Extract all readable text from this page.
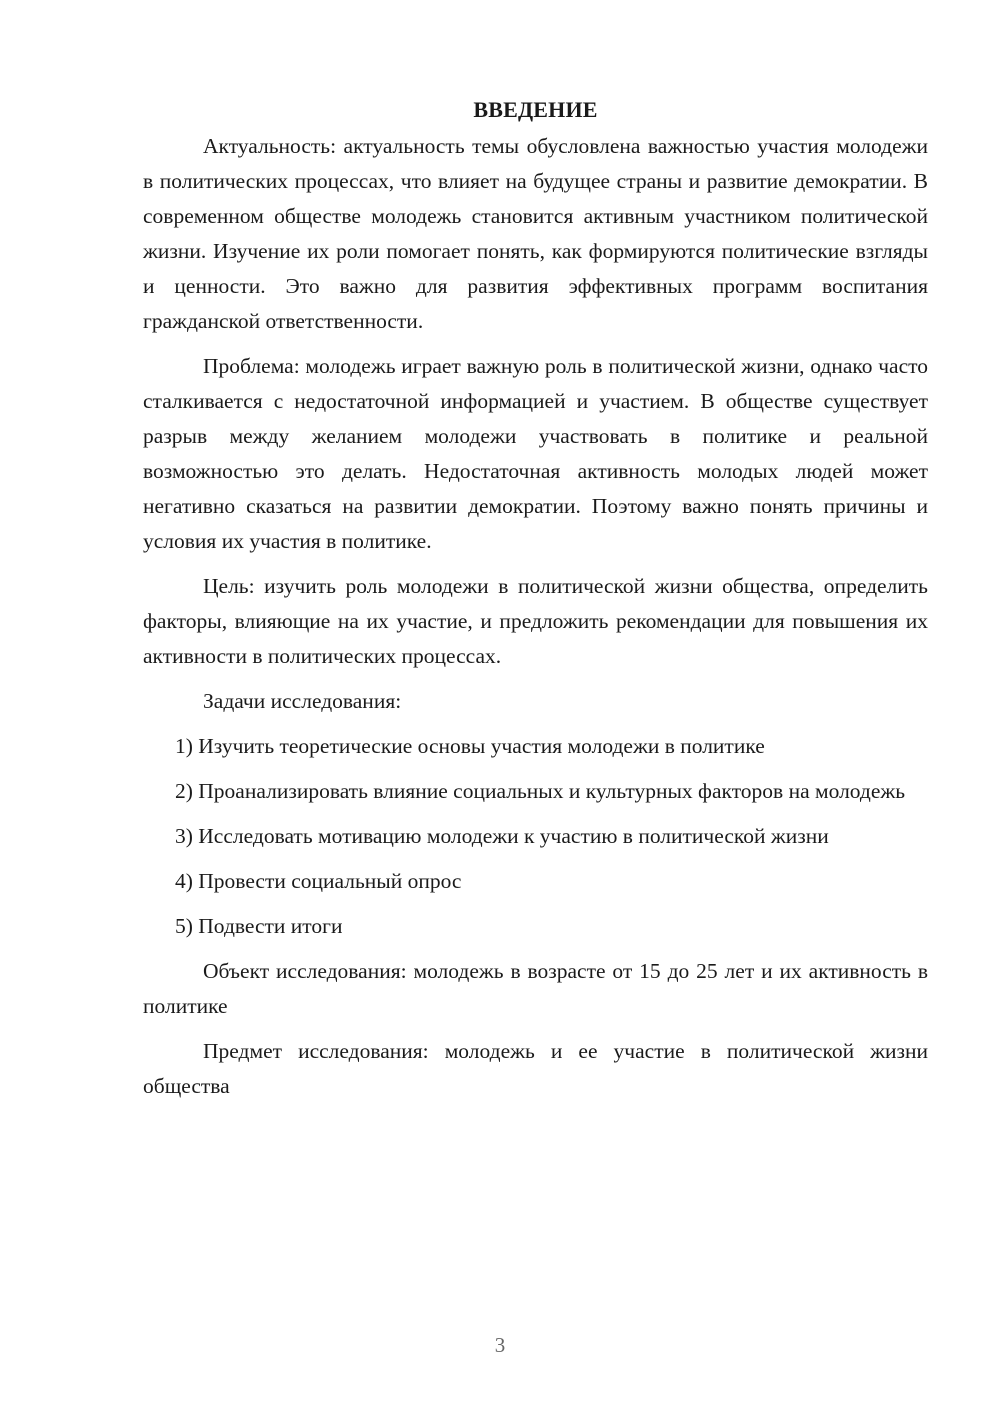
ВВЕДЕНИЕ

Актуальность: актуальность темы обусловлена важностью участия молодежи в политических процессах, что влияет на будущее страны и развитие демократии. В современном обществе молодежь становится активным участником политической жизни. Изучение их роли помогает понять, как формируются политические взгляды и ценности. Это важно для развития эффективных программ воспитания гражданской ответственности.

Проблема: молодежь играет важную роль в политической жизни, однако часто сталкивается с недостаточной информацией и участием. В обществе существует разрыв между желанием молодежи участвовать в политике и реальной возможностью это делать. Недостаточная активность молодых людей может негативно сказаться на развитии демократии. Поэтому важно понять причины и условия их участия в политике.

Цель: изучить роль молодежи в политической жизни общества, определить факторы, влияющие на их участие, и предложить рекомендации для повышения их активности в политических процессах.

Задачи исследования:

1) Изучить теоретические основы участия молодежи в политике

2) Проанализировать влияние социальных и культурных факторов на молодежь

3) Исследовать мотивацию молодежи к участию в политической жизни

4) Провести социальный опрос

5) Подвести итоги

Объект исследования: молодежь в возрасте от 15 до 25 лет и их активность в политике

Предмет исследования: молодежь и ее участие в политической жизни общества

3
